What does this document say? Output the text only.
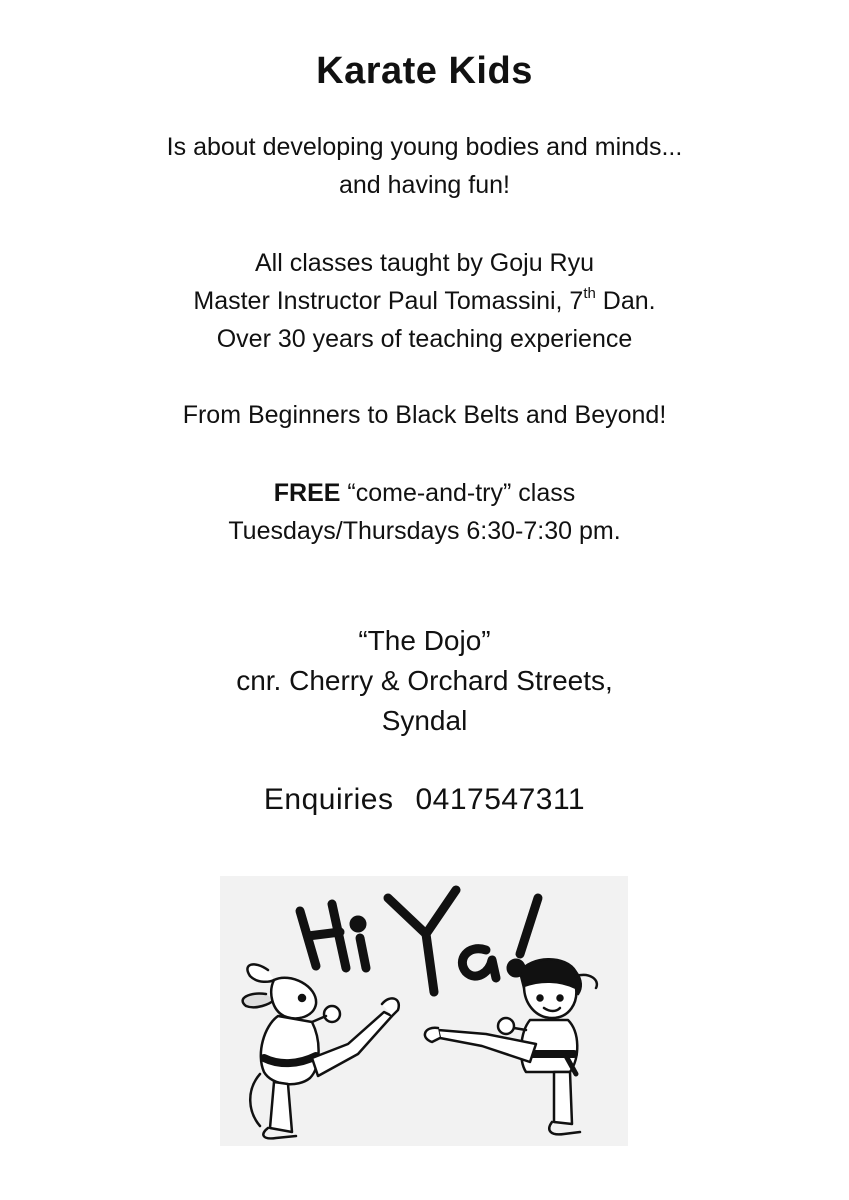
Karate Kids
Is about developing young bodies and minds...
and having fun!
All classes taught by Goju Ryu
Master Instructor Paul Tomassini, 7th Dan.
Over 30 years of teaching experience
From Beginners to Black Belts and Beyond!
FREE “come-and-try” class
Tuesdays/Thursdays 6:30-7:30 pm.
“The Dojo”
cnr. Cherry & Orchard Streets,
Syndal
Enquiries 0417547311
